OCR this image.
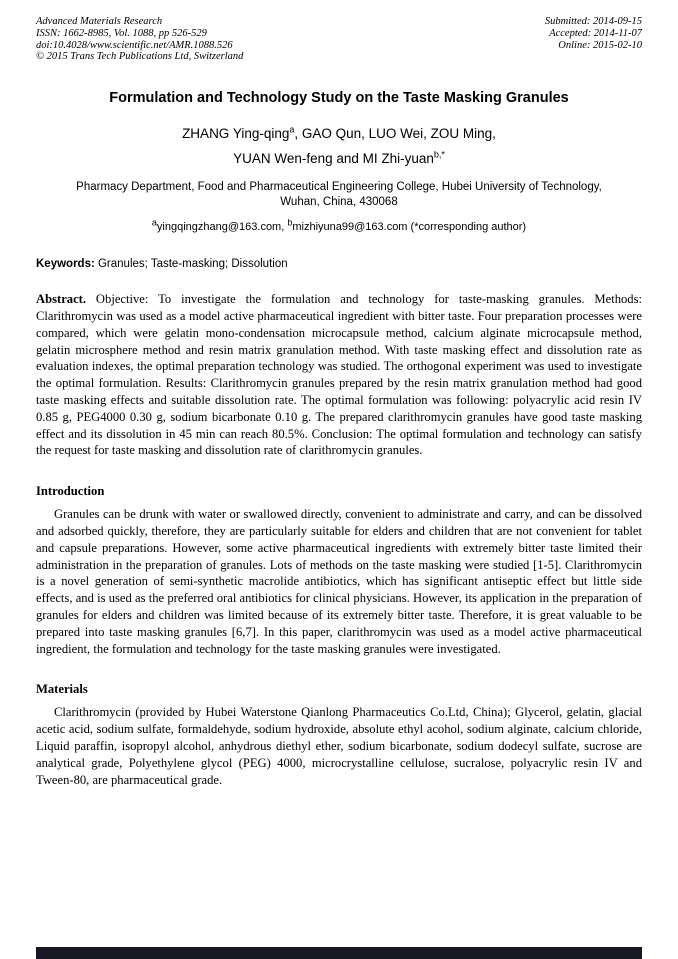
Advanced Materials Research
ISSN: 1662-8985, Vol. 1088, pp 526-529
doi:10.4028/www.scientific.net/AMR.1088.526
© 2015 Trans Tech Publications Ltd, Switzerland
Submitted: 2014-09-15
Accepted: 2014-11-07
Online: 2015-02-10
Formulation and Technology Study on the Taste Masking Granules
ZHANG Ying-qing$^a$, GAO Qun, LUO Wei, ZOU Ming,
YUAN Wen-feng and MI Zhi-yuan$^{b,*}$
Pharmacy Department, Food and Pharmaceutical Engineering College, Hubei University of Technology, Wuhan, China, 430068
$^a$yingqingzhang@163.com, $^b$mizhiyuna99@163.com (*corresponding author)
Keywords: Granules; Taste-masking; Dissolution
Abstract. Objective: To investigate the formulation and technology for taste-masking granules. Methods: Clarithromycin was used as a model active pharmaceutical ingredient with bitter taste. Four preparation processes were compared, which were gelatin mono-condensation microcapsule method, calcium alginate microcapsule method, gelatin microsphere method and resin matrix granulation method. With taste masking effect and dissolution rate as evaluation indexes, the optimal preparation technology was studied. The orthogonal experiment was used to investigate the optimal formulation. Results: Clarithromycin granules prepared by the resin matrix granulation method had good taste masking effects and suitable dissolution rate. The optimal formulation was following: polyacrylic acid resin IV 0.85 g, PEG4000 0.30 g, sodium bicarbonate 0.10 g. The prepared clarithromycin granules have good taste masking effect and its dissolution in 45 min can reach 80.5%. Conclusion: The optimal formulation and technology can satisfy the request for taste masking and dissolution rate of clarithromycin granules.
Introduction

Granules can be drunk with water or swallowed directly, convenient to administrate and carry, and can be dissolved and adsorbed quickly, therefore, they are particularly suitable for elders and children that are not convenient for tablet and capsule preparations. However, some active pharmaceutical ingredients with extremely bitter taste limited their administration in the preparation of granules. Lots of methods on the taste masking were studied [1-5]. Clarithromycin is a novel generation of semi-synthetic macrolide antibiotics, which has significant antiseptic effect but little side effects, and is used as the preferred oral antibiotics for clinical physicians. However, its application in the preparation of granules for elders and children was limited because of its extremely bitter taste. Therefore, it is great valuable to be prepared into taste masking granules [6,7]. In this paper, clarithromycin was used as a model active pharmaceutical ingredient, the formulation and technology for the taste masking granules were investigated.

Materials

Clarithromycin (provided by Hubei Waterstone Qianlong Pharmaceutics Co.Ltd, China); Glycerol, gelatin, glacial acetic acid, sodium sulfate, formaldehyde, sodium hydroxide, absolute ethyl acohol, sodium alginate, calcium chloride, Liquid paraffin, isopropyl alcohol, anhydrous diethyl ether, sodium bicarbonate, sodium dodecyl sulfate, sucrose are analytical grade, Polyethylene glycol (PEG) 4000, microcrystalline cellulose, sucralose, polyacrylic resin IV and Tween-80, are pharmaceutical grade.
